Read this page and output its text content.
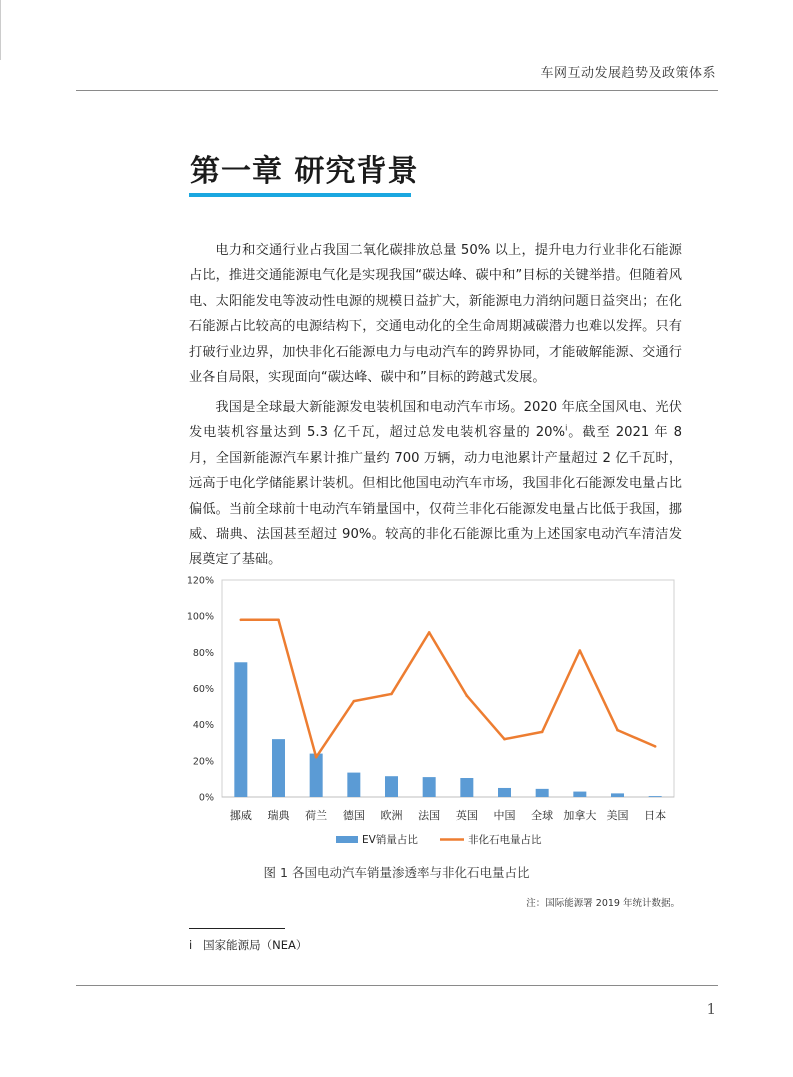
车网互动发展趋势及政策体系
第一章 研究背景

电力和交通行业占我国二氧化碳排放总量 50% 以上，提升电力行业非化石能源占比，推进交通能源电气化是实现我国“碳达峰、碳中和”目标的关键举措。但随着风电、太阳能发电等波动性电源的规模日益扩大，新能源电力消纳问题日益突出；在化石能源占比较高的电源结构下，交通电动化的全生命周期减碳潜力也难以发挥。只有打破行业边界，加快非化石能源电力与电动汽车的跨界协同，才能破解能源、交通行业各自局限，实现面向“碳达峰、碳中和”目标的跨越式发展。

我国是全球最大新能源发电装机国和电动汽车市场。2020 年底全国风电、光伏发电装机容量达到 5.3 亿千瓦，超过总发电装机容量的 20%$^i$。截至 2021 年 8 月，全国新能源汽车累计推广量约 700 万辆，动力电池累计产量超过 2 亿千瓦时，远高于电化学储能累计装机。但相比他国电动汽车市场，我国非化石能源发电量占比偏低。当前全球前十电动汽车销量国中，仅荷兰非化石能源发电量占比低于我国，挪威、瑞典、法国甚至超过 90%。较高的非化石能源比重为上述国家电动汽车清洁发展奠定了基础。

0%
20%
40%
60%
80%
100%
120%
挪威 瑞典 荷兰 德国 欧洲 法国 英国 中国 全球 加拿大 美国 日本
EV销量占比	非化石电量占比
图 1 各国电动汽车销量渗透率与非化石电量占比
注：国际能源署 2019 年统计数据。
i 国家能源局（NEA）
1
